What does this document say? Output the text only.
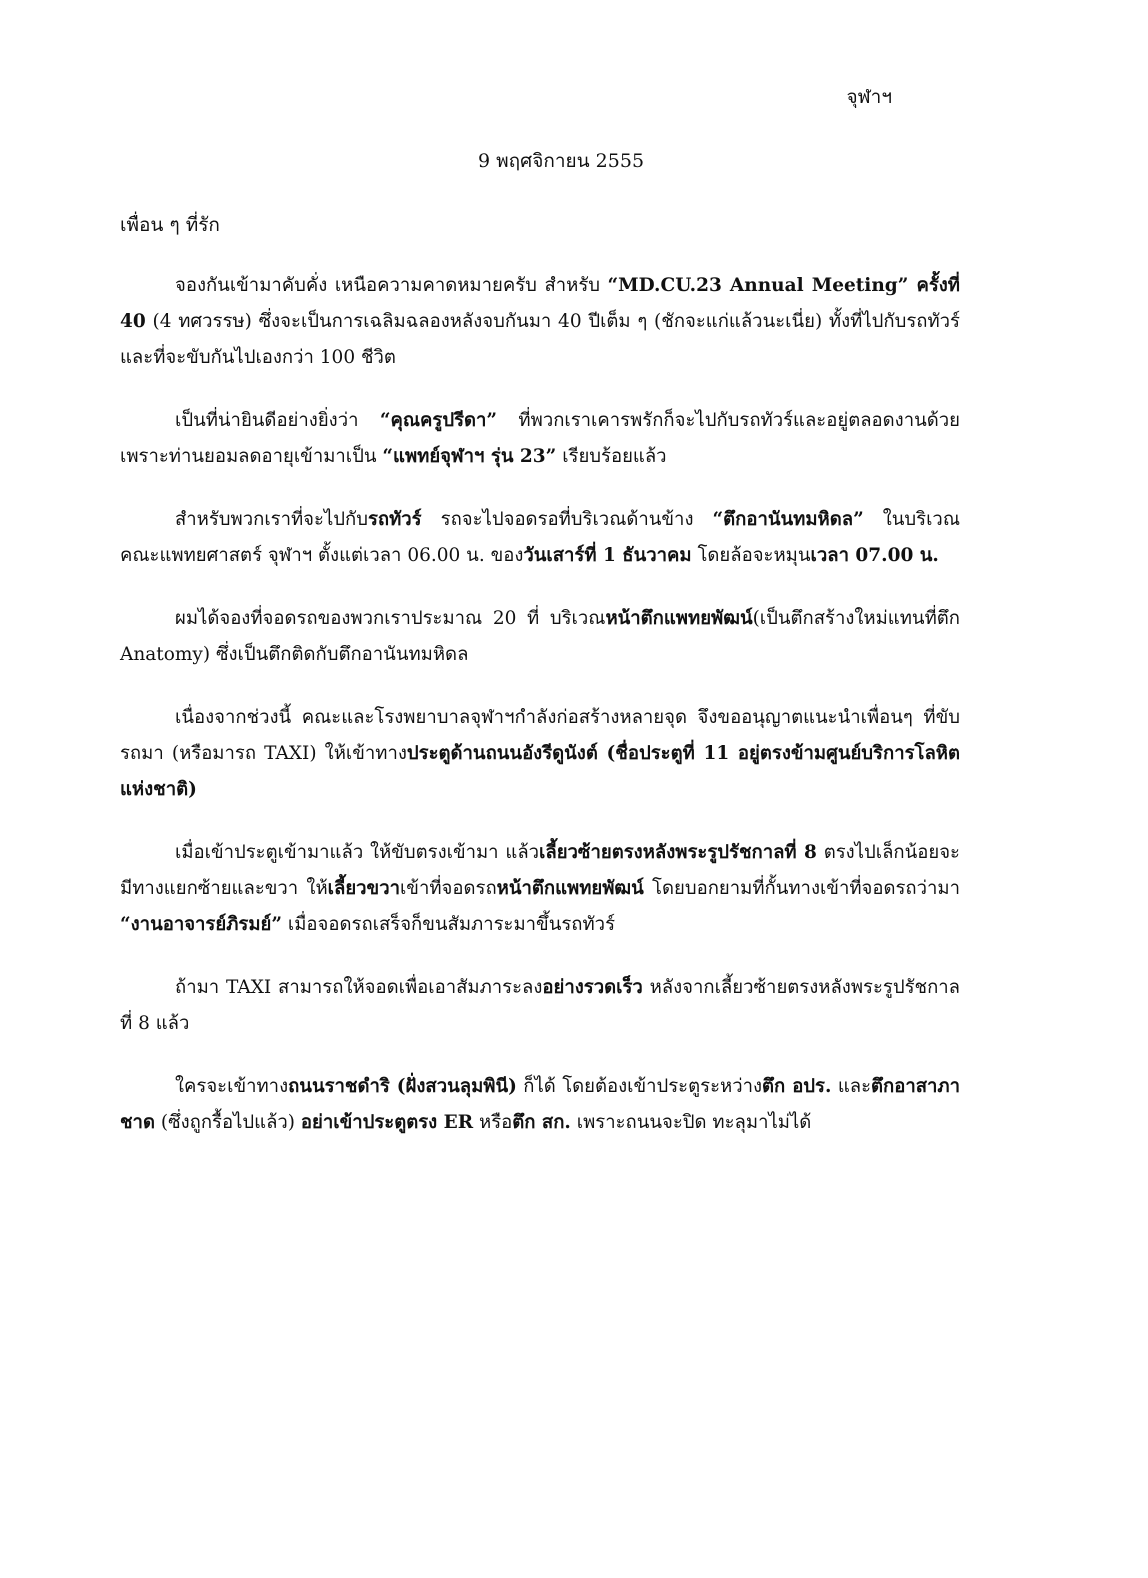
จุฬาฯ
9 พฤศจิกายน 2555
เพื่อน ๆ ที่รัก

จองกันเข้ามาคับคั่ง เหนือความคาดหมายครับ สำหรับ “MD.CU.23 Annual Meeting” ครั้งที่ 40 (4 ทศวรรษ) ซึ่งจะเป็นการเฉลิมฉลองหลังจบกันมา 40 ปีเต็ม ๆ (ชักจะแก่แล้วนะเนี่ย) ทั้งที่ไปกับรถทัวร์ และที่จะขับกันไปเองกว่า 100 ชีวิต

เป็นที่น่ายินดีอย่างยิ่งว่า “คุณครูปรีดา” ที่พวกเราเคารพรักก็จะไปกับรถทัวร์และอยู่ตลอดงานด้วย เพราะท่านยอมลดอายุเข้ามาเป็น “แพทย์จุฬาฯ รุ่น 23” เรียบร้อยแล้ว

สำหรับพวกเราที่จะไปกับรถทัวร์ รถจะไปจอดรอที่บริเวณด้านข้าง “ตึกอานันทมหิดล” ในบริเวณคณะแพทยศาสตร์ จุฬาฯ ตั้งแต่เวลา 06.00 น. ของวันเสาร์ที่ 1 ธันวาคม โดยล้อจะหมุนเวลา 07.00 น.

ผมได้จองที่จอดรถของพวกเราประมาณ 20 ที่ บริเวณหน้าตึกแพทยพัฒน์(เป็นตึกสร้างใหม่แทนที่ตึก Anatomy) ซึ่งเป็นตึกติดกับตึกอานันทมหิดล

เนื่องจากช่วงนี้ คณะและโรงพยาบาลจุฬาฯกำลังก่อสร้างหลายจุด จึงขออนุญาตแนะนำเพื่อนๆ ที่ขับรถมา (หรือมารถ TAXI) ให้เข้าทางประตูด้านถนนอังรีดูนังต์ (ชื่อประตูที่ 11 อยู่ตรงข้ามศูนย์บริการโลหิตแห่งชาติ)

เมื่อเข้าประตูเข้ามาแล้ว ให้ขับตรงเข้ามา แล้วเลี้ยวซ้ายตรงหลังพระรูปรัชกาลที่ 8 ตรงไปเล็กน้อยจะมีทางแยกซ้ายและขวา ให้เลี้ยวขวาเข้าที่จอดรถหน้าตึกแพทยพัฒน์ โดยบอกยามที่กั้นทางเข้าที่จอดรถว่ามา “งานอาจารย์ภิรมย์” เมื่อจอดรถเสร็จก็ขนสัมภาระมาขึ้นรถทัวร์

ถ้ามา TAXI สามารถให้จอดเพื่อเอาสัมภาระลงอย่างรวดเร็ว หลังจากเลี้ยวซ้ายตรงหลังพระรูปรัชกาลที่ 8 แล้ว

ใครจะเข้าทางถนนราชดำริ (ฝั่งสวนลุมพินี) ก็ได้ โดยต้องเข้าประตูระหว่างตึก อปร. และตึกอาสาภาชาด (ซึ่งถูกรื้อไปแล้ว) อย่าเข้าประตูตรง ER หรือตึก สก. เพราะถนนจะปิด ทะลุมาไม่ได้
